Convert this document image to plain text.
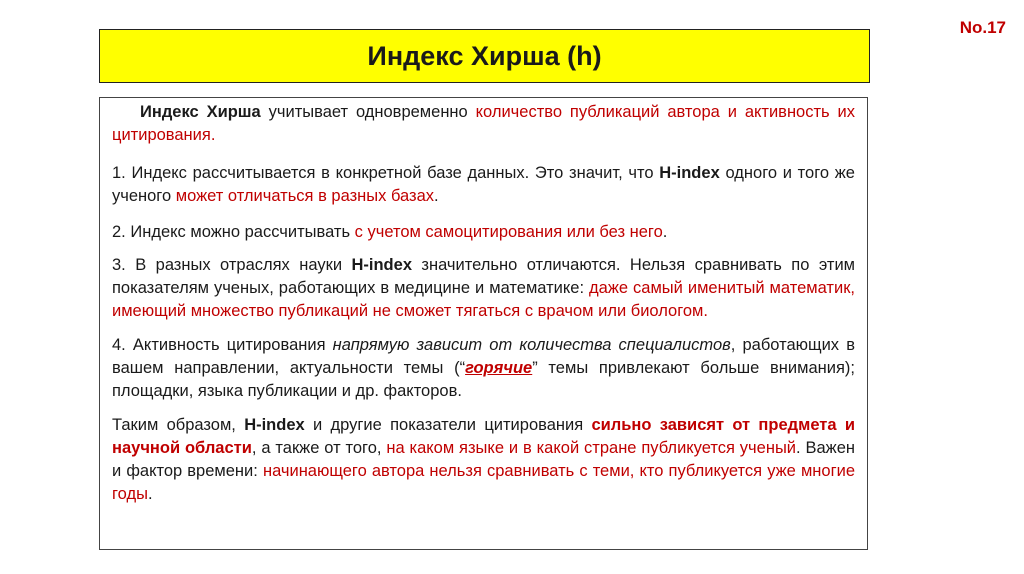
No.17
Индекс Хирша (h)

Индекс Хирша учитывает одновременно количество публикаций автора и активность их цитирования.

1. Индекс рассчитывается в конкретной базе данных. Это значит, что H-index одного и того же ученого может отличаться в разных базах.

2. Индекс можно рассчитывать с учетом самоцитирования или без него.

3. В разных отраслях науки H-index значительно отличаются. Нельзя сравнивать по этим показателям ученых, работающих в медицине и математике: даже самый именитый математик, имеющий множество публикаций не сможет тягаться с врачом или биологом.

4. Активность цитирования напрямую зависит от количества специалистов, работающих в вашем направлении, актуальности темы (“горячие” темы привлекают больше внимания); площадки, языка публикации и др. факторов.

Таким образом, H-index и другие показатели цитирования сильно зависят от предмета и научной области, а также от того, на каком языке и в какой стране публикуется ученый. Важен и фактор времени: начинающего автора нельзя сравнивать с теми, кто публикуется уже многие годы.
